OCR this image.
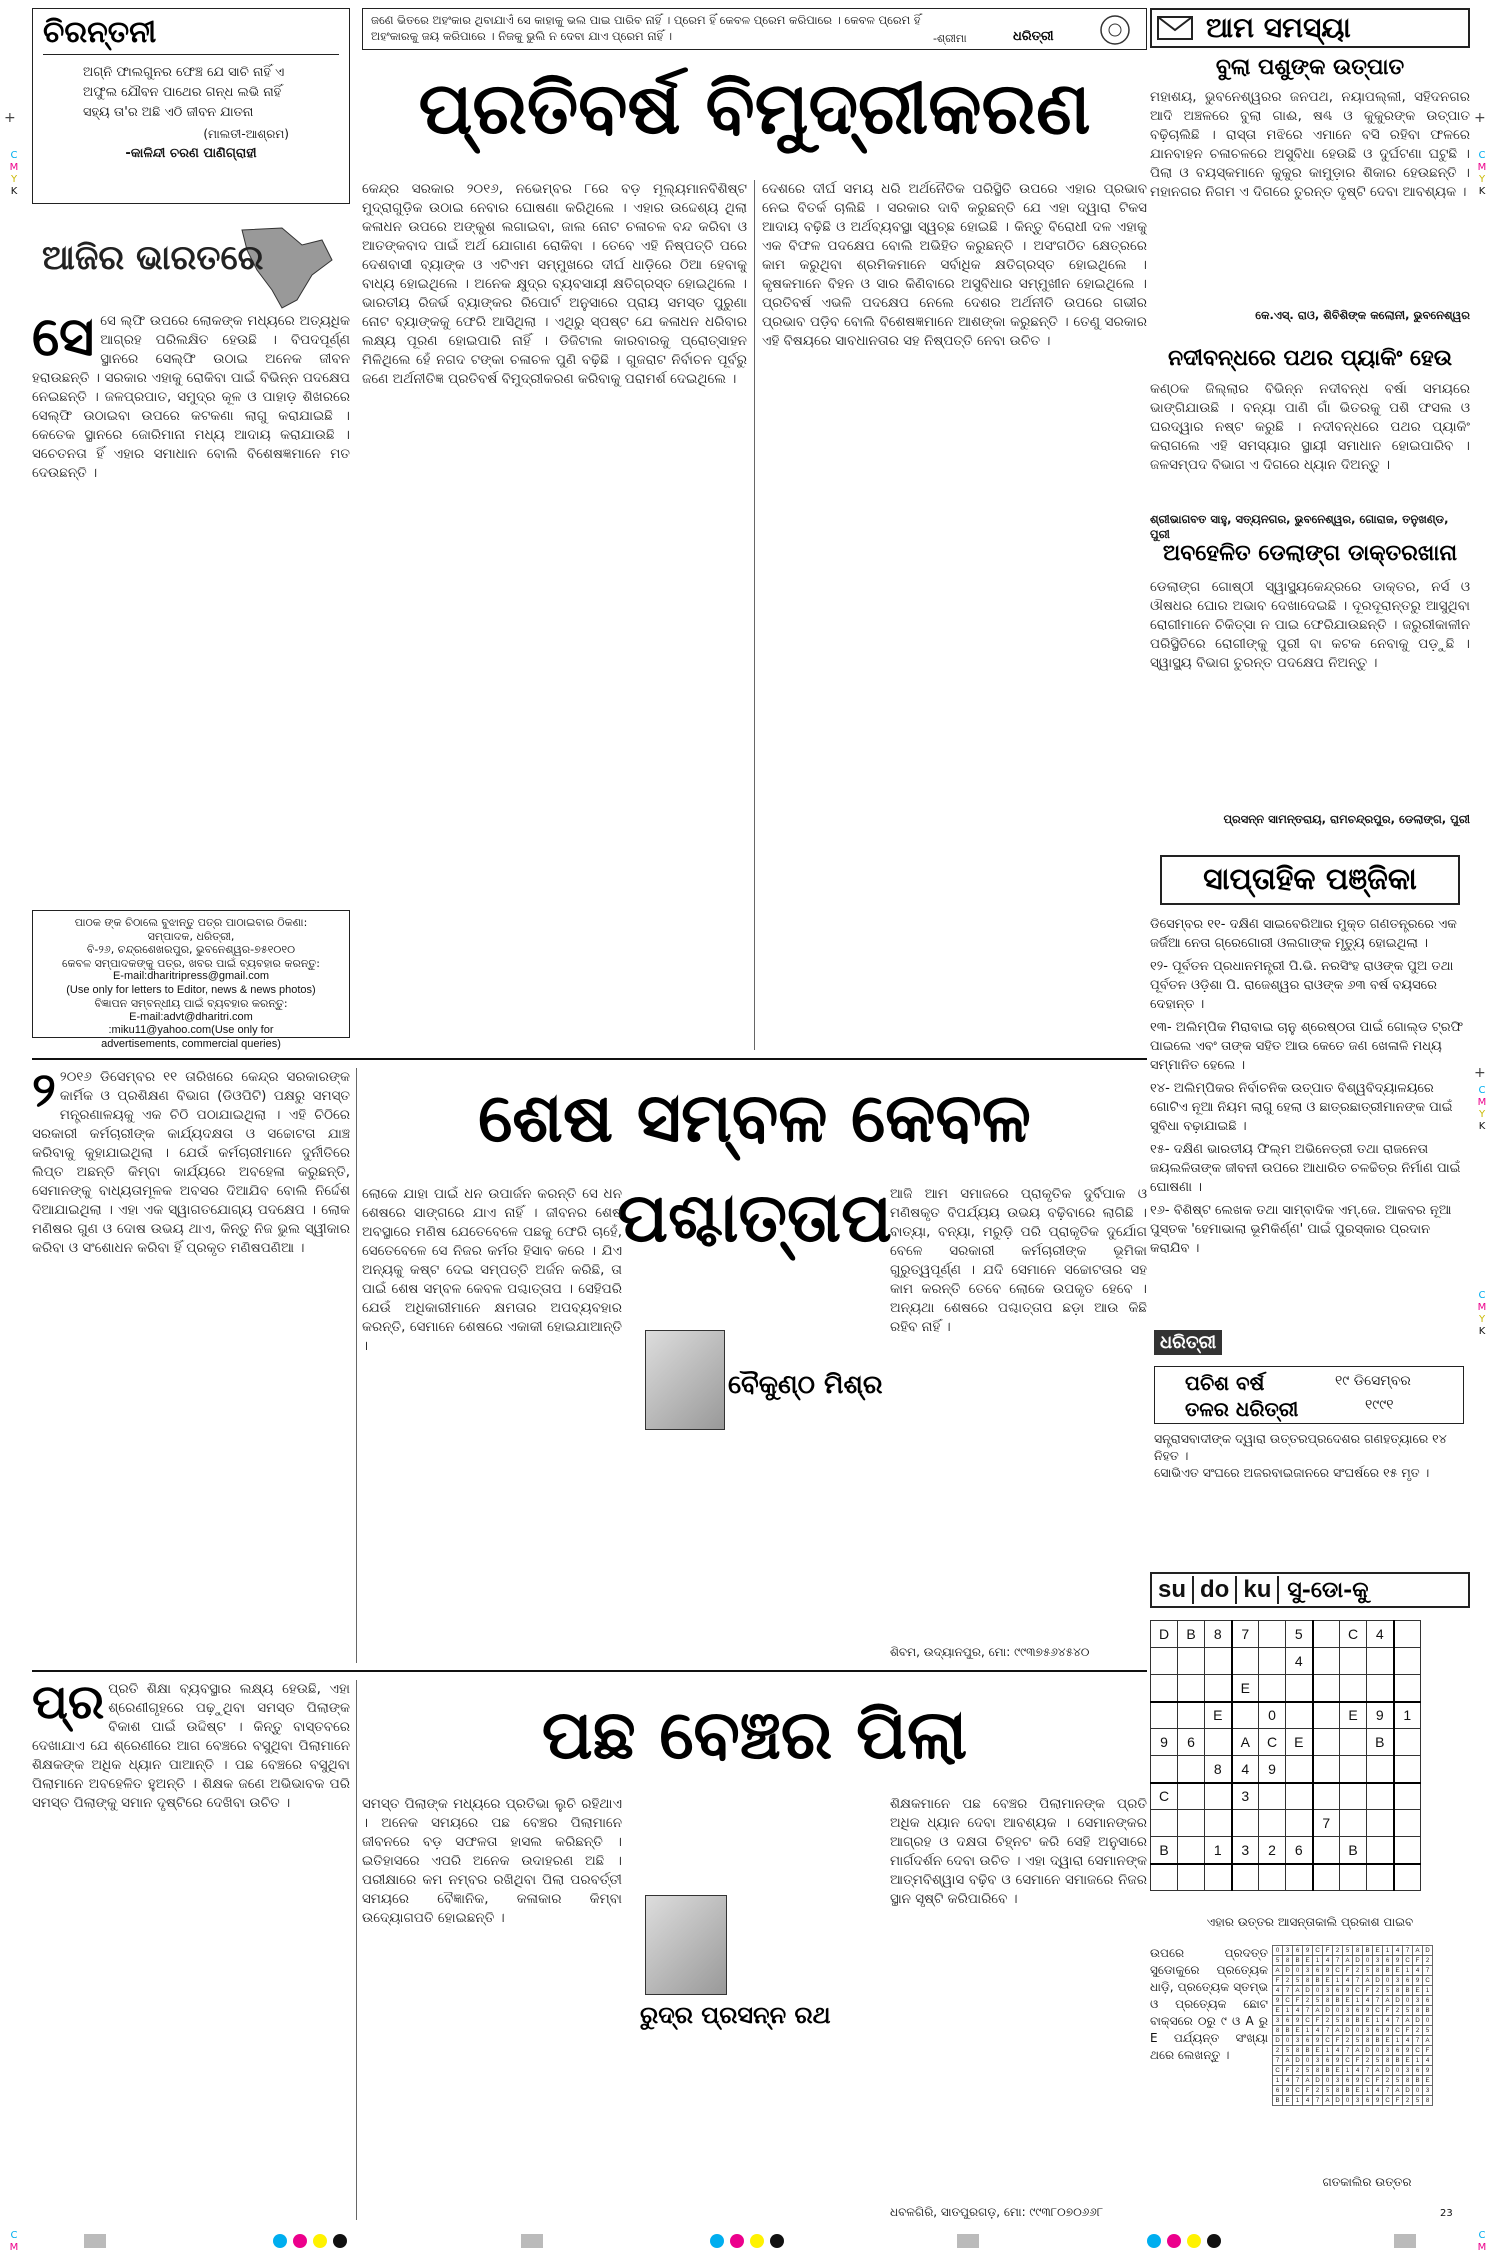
+	+
+
C
M
Y
K
C
M
Y
K
C
M
Y
K
C
M
Y
K
C
M
C
M
ଚିରନ୍ତନୀ
ଅଗ୍ନି ଫାଲଗୁନର ଫେଞ୍ଚ ଯେ ସାଚି ନାହିଁ ଏ ଅଫୁଲ ଯୌବନ ପାଥେର ଗନ୍ଧ ଲଭି ନାହିଁ ସହ୍ୟ ତା'ର ଅଛି ଏଠି ଜୀବନ ଯାତନା
(ମାଲତୀ-ଆଶ୍ରମ)
-କାଳିନ୍ଦୀ ଚରଣ ପାଣିଗ୍ରାହୀ
ଆଜିର ଭାରତରେ
ସେ ସେ ଲ୍ଫି ଉପରେ ଲୋକଙ୍କ ମଧ୍ୟରେ ଅତ୍ୟଧିକ ଆଗ୍ରହ ପରିଲକ୍ଷିତ ହେଉଛି । ବିପଦପୂର୍ଣ୍ଣ ସ୍ଥାନରେ ସେଲ୍ଫି ଉଠାଇ ଅନେକ ଜୀବନ ହରାଉଛନ୍ତି । ସରକାର ଏହାକୁ ରୋକିବା ପାଇଁ ବିଭିନ୍ନ ପଦକ୍ଷେପ ନେଇଛନ୍ତି । ଜଳପ୍ରପାତ, ସମୁଦ୍ର କୂଳ ଓ ପାହାଡ଼ ଶିଖରରେ ସେଲ୍ଫି ଉଠାଇବା ଉପରେ କଟକଣା ଲାଗୁ କରାଯାଇଛି । କେତେକ ସ୍ଥାନରେ ଜୋରିମାନା ମଧ୍ୟ ଆଦାୟ କରାଯାଉଛି । ସଚେତନତା ହିଁ ଏହାର ସମାଧାନ ବୋଲି ବିଶେଷଜ୍ଞମାନେ ମତ ଦେଉଛନ୍ତି ।
ପାଠକ ଙ୍କ ଚିଠାଲେ ବୁଝାନ୍ତୁ ପତ୍ର ପାଠାଇବାର ଠିକଣା:
ସମ୍ପାଦକ, ଧରିତ୍ରୀ,
ବି-୨୬, ଚନ୍ଦ୍ରଶେଖରପୁର, ଭୁବନେଶ୍ୱର-୭୫୧୦୧୦
କେବଳ ସମ୍ପାଦକଙ୍କୁ ପତ୍ର, ଖବର ପାଇଁ ବ୍ୟବହାର କରନ୍ତୁ:
E-mail:dharitripress@gmail.com
(Use only for letters to Editor, news & news photos)
ବିଜ୍ଞାପନ ସମ୍ବନ୍ଧୀୟ ପାଇଁ ବ୍ୟବହାର କରନ୍ତୁ:
E-mail:advt@dharitri.com
:miku11@yahoo.com(Use only for
advertisements, commercial queries)
ଜଣେ ଭିତରେ ଅହଂକାର ଥିବାଯାଏଁ ସେ କାହାକୁ ଭଲ ପାଇ ପାରିବ ନାହିଁ । ପ୍ରେମ ହିଁ କେବଳ ପ୍ରେମ କରିପାରେ । କେବଳ ପ୍ରେମ ହିଁ ଅହଂକାରକୁ ଜୟ କରିପାରେ । ନିଜକୁ ଭୁଲି ନ ଦେବା ଯାଏ ପ୍ରେମ ନାହିଁ ।	-ଶ୍ରୀମା	ଧରିତ୍ରୀ
ପ୍ରତିବର୍ଷ ବିମୁଦ୍ରୀକରଣ
କେନ୍ଦ୍ର ସରକାର ୨୦୧୬, ନଭେମ୍ବର ୮ରେ ବଡ଼ ମୂଲ୍ୟମାନବିଶିଷ୍ଟ ମୁଦ୍ରାଗୁଡ଼ିକ ଉଠାଇ ନେବାର ଘୋଷଣା କରିଥିଲେ । ଏହାର ଉଦ୍ଦେଶ୍ୟ ଥିଲା କଳାଧନ ଉପରେ ଅଙ୍କୁଶ ଲଗାଇବା, ଜାଲ ନୋଟ ଚଳାଚଳ ବନ୍ଦ କରିବା ଓ ଆତଙ୍କବାଦ ପାଇଁ ଅର୍ଥ ଯୋଗାଣ ରୋକିବା । ତେବେ ଏହି ନିଷ୍ପତ୍ତି ପରେ ଦେଶବାସୀ ବ୍ୟାଙ୍କ ଓ ଏଟିଏମ ସମ୍ମୁଖରେ ଦୀର୍ଘ ଧାଡ଼ିରେ ଠିଆ ହେବାକୁ ବାଧ୍ୟ ହୋଇଥିଲେ । ଅନେକ କ୍ଷୁଦ୍ର ବ୍ୟବସାୟୀ କ୍ଷତିଗ୍ରସ୍ତ ହୋଇଥିଲେ । ଭାରତୀୟ ରିଜର୍ଭ ବ୍ୟାଙ୍କର ରିପୋର୍ଟ ଅନୁସାରେ ପ୍ରାୟ ସମସ୍ତ ପୁରୁଣା ନୋଟ ବ୍ୟାଙ୍କକୁ ଫେରି ଆସିଥିଲା । ଏଥିରୁ ସ୍ପଷ୍ଟ ଯେ କଳାଧନ ଧରିବାର ଲକ୍ଷ୍ୟ ପୂରଣ ହୋଇପାରି ନାହିଁ । ଡିଜିଟାଲ କାରବାରକୁ ପ୍ରୋତ୍ସାହନ ମିଳିଥିଲେ ହେଁ ନଗଦ ଟଙ୍କା ଚଳାଚଳ ପୁଣି ବଢ଼ିଛି । ଗୁଜରାଟ ନିର୍ବାଚନ ପୂର୍ବରୁ ଜଣେ ଅର୍ଥନୀତିଜ୍ଞ ପ୍ରତିବର୍ଷ ବିମୁଦ୍ରୀକରଣ କରିବାକୁ ପରାମର୍ଶ ଦେଇଥିଲେ ।
ଦେଶରେ ଦୀର୍ଘ ସମୟ ଧରି ଅର୍ଥନୈତିକ ପରିସ୍ଥିତି ଉପରେ ଏହାର ପ୍ରଭାବ ନେଇ ବିତର୍କ ଚାଲିଛି । ସରକାର ଦାବି କରୁଛନ୍ତି ଯେ ଏହା ଦ୍ୱାରା ଟିକସ ଆଦାୟ ବଢ଼ିଛି ଓ ଅର୍ଥବ୍ୟବସ୍ଥା ସ୍ୱଚ୍ଛ ହୋଇଛି । କିନ୍ତୁ ବିରୋଧୀ ଦଳ ଏହାକୁ ଏକ ବିଫଳ ପଦକ୍ଷେପ ବୋଲି ଅଭିହିତ କରୁଛନ୍ତି । ଅସଂଗଠିତ କ୍ଷେତ୍ରରେ କାମ କରୁଥିବା ଶ୍ରମିକମାନେ ସର୍ବାଧିକ କ୍ଷତିଗ୍ରସ୍ତ ହୋଇଥିଲେ । କୃଷକମାନେ ବିହନ ଓ ସାର କିଣିବାରେ ଅସୁବିଧାର ସମ୍ମୁଖୀନ ହୋଇଥିଲେ । ପ୍ରତିବର୍ଷ ଏଭଳି ପଦକ୍ଷେପ ନେଲେ ଦେଶର ଅର୍ଥନୀତି ଉପରେ ଗଭୀର ପ୍ରଭାବ ପଡ଼ିବ ବୋଲି ବିଶେଷଜ୍ଞମାନେ ଆଶଙ୍କା କରୁଛନ୍ତି । ତେଣୁ ସରକାର ଏହି ବିଷୟରେ ସାବଧାନତାର ସହ ନିଷ୍ପତ୍ତି ନେବା ଉଚିତ ।
୨ ୨୦୧୬ ଡିସେମ୍ବର ୧୧ ତାରିଖରେ କେନ୍ଦ୍ର ସରକାରଙ୍କ କାର୍ମିକ ଓ ପ୍ରଶିକ୍ଷଣ ବିଭାଗ (ଡିଓପିଟି) ପକ୍ଷରୁ ସମସ୍ତ ମନ୍ତ୍ରଣାଳୟକୁ ଏକ ଚିଠି ପଠାଯାଇଥିଲା । ଏହି ଚିଠିରେ ସରକାରୀ କର୍ମଚାରୀଙ୍କ କାର୍ଯ୍ୟଦକ୍ଷତା ଓ ସଚ୍ଚୋଟତା ଯାଞ୍ଚ କରିବାକୁ କୁହାଯାଇଥିଲା । ଯେଉଁ କର୍ମଚାରୀମାନେ ଦୁର୍ନୀତିରେ ଲିପ୍ତ ଅଛନ୍ତି କିମ୍ବା କାର୍ଯ୍ୟରେ ଅବହେଳା କରୁଛନ୍ତି, ସେମାନଙ୍କୁ ବାଧ୍ୟତାମୂଳକ ଅବସର ଦିଆଯିବ ବୋଲି ନିର୍ଦ୍ଦେଶ ଦିଆଯାଇଥିଲା । ଏହା ଏକ ସ୍ୱାଗତଯୋଗ୍ୟ ପଦକ୍ଷେପ । ଲୋକ ମଣିଷର ଗୁଣ ଓ ଦୋଷ ଉଭୟ ଥାଏ, କିନ୍ତୁ ନିଜ ଭୁଲ ସ୍ୱୀକାର କରିବା ଓ ସଂଶୋଧନ କରିବା ହିଁ ପ୍ରକୃତ ମଣିଷପଣିଆ ।
ଶେଷ ସମ୍ବଳ କେବଳ ପଶ୍ଚାତ୍ତାପ
ଲୋକେ ଯାହା ପାଇଁ ଧନ ଉପାର୍ଜନ କରନ୍ତି ସେ ଧନ ଶେଷରେ ସାଙ୍ଗରେ ଯାଏ ନାହିଁ । ଜୀବନର ଶେଷ ଅବସ୍ଥାରେ ମଣିଷ ଯେତେବେଳେ ପଛକୁ ଫେରି ଚାହେଁ, ସେତେବେଳେ ସେ ନିଜର କର୍ମର ହିସାବ କରେ । ଯିଏ ଅନ୍ୟକୁ କଷ୍ଟ ଦେଇ ସମ୍ପତ୍ତି ଅର୍ଜନ କରିଛି, ତା ପାଇଁ ଶେଷ ସମ୍ବଳ କେବଳ ପଶ୍ଚାତ୍ତାପ । ସେହିପରି ଯେଉଁ ଅଧିକାରୀମାନେ କ୍ଷମତାର ଅପବ୍ୟବହାର କରନ୍ତି, ସେମାନେ ଶେଷରେ ଏକାକୀ ହୋଇଯାଆନ୍ତି ।
ବୈକୁଣ୍ଠ ମିଶ୍ର
ଆଜି ଆମ ସମାଜରେ ପ୍ରାକୃତିକ ଦୁର୍ବିପାକ ଓ ମଣିଷକୃତ ବିପର୍ଯ୍ୟୟ ଉଭୟ ବଢ଼ିବାରେ ଲାଗିଛି । ବାତ୍ୟା, ବନ୍ୟା, ମରୁଡ଼ି ପରି ପ୍ରାକୃତିକ ଦୁର୍ଯୋଗ ବେଳେ ସରକାରୀ କର୍ମଚାରୀଙ୍କ ଭୂମିକା ଗୁରୁତ୍ୱପୂର୍ଣ୍ଣ । ଯଦି ସେମାନେ ସଚ୍ଚୋଟତାର ସହ କାମ କରନ୍ତି ତେବେ ଲୋକେ ଉପକୃତ ହେବେ । ଅନ୍ୟଥା ଶେଷରେ ପଶ୍ଚାତ୍ତାପ ଛଡ଼ା ଆଉ କିଛି ରହିବ ନାହିଁ ।
ଶିବମ, ଉଦ୍ୟାନପୁର, ମୋ: ୯୯୩୭୫୬୪୫୪୦
ପ୍ର ପ୍ରତି ଶିକ୍ଷା ବ୍ୟବସ୍ଥାର ଲକ୍ଷ୍ୟ ହେଉଛି, ଏହା ଶ୍ରେଣୀଗୃହରେ ପଢ଼ୁଥିବା ସମସ୍ତ ପିଲାଙ୍କ ବିକାଶ ପାଇଁ ଉଦ୍ଦିଷ୍ଟ । କିନ୍ତୁ ବାସ୍ତବରେ ଦେଖାଯାଏ ଯେ ଶ୍ରେଣୀରେ ଆଗ ବେଞ୍ଚରେ ବସୁଥିବା ପିଲାମାନେ ଶିକ୍ଷକଙ୍କ ଅଧିକ ଧ୍ୟାନ ପାଆନ୍ତି । ପଛ ବେଞ୍ଚରେ ବସୁଥିବା ପିଲାମାନେ ଅବହେଳିତ ହୁଅନ୍ତି । ଶିକ୍ଷକ ଜଣେ ଅଭିଭାବକ ପରି ସମସ୍ତ ପିଲାଙ୍କୁ ସମାନ ଦୃଷ୍ଟିରେ ଦେଖିବା ଉଚିତ ।
ପଛ ବେଞ୍ଚର ପିଲା
ସମସ୍ତ ପିଲାଙ୍କ ମଧ୍ୟରେ ପ୍ରତିଭା ଲୁଚି ରହିଥାଏ । ଅନେକ ସମୟରେ ପଛ ବେଞ୍ଚର ପିଲାମାନେ ଜୀବନରେ ବଡ଼ ସଫଳତା ହାସଲ କରିଛନ୍ତି । ଇତିହାସରେ ଏପରି ଅନେକ ଉଦାହରଣ ଅଛି । ପରୀକ୍ଷାରେ କମ ନମ୍ବର ରଖିଥିବା ପିଲା ପରବର୍ତ୍ତୀ ସମୟରେ ବୈଜ୍ଞାନିକ, କଳାକାର କିମ୍ବା ଉଦ୍ୟୋଗପତି ହୋଇଛନ୍ତି ।
ରୁଦ୍ର ପ୍ରସନ୍ନ ରଥ
ଶିକ୍ଷକମାନେ ପଛ ବେଞ୍ଚର ପିଲାମାନଙ୍କ ପ୍ରତି ଅଧିକ ଧ୍ୟାନ ଦେବା ଆବଶ୍ୟକ । ସେମାନଙ୍କର ଆଗ୍ରହ ଓ ଦକ୍ଷତା ଚିହ୍ନଟ କରି ସେହି ଅନୁସାରେ ମାର୍ଗଦର୍ଶନ ଦେବା ଉଚିତ । ଏହା ଦ୍ୱାରା ସେମାନଙ୍କ ଆତ୍ମବିଶ୍ୱାସ ବଢ଼ିବ ଓ ସେମାନେ ସମାଜରେ ନିଜର ସ୍ଥାନ ସୃଷ୍ଟି କରିପାରିବେ ।
ଧବଳଗିରି, ସାତପୁରଗଡ଼, ମୋ: ୯୯୩୮୦୭୦୬୬୮
ଆମ ସମସ୍ୟା
ବୁଲା ପଶୁଙ୍କ ଉତ୍ପାତ
ମହାଶୟ, ଭୁବନେଶ୍ୱରର ଜନପଥ, ନୟାପଲ୍ଲୀ, ସହିଦନଗର ଆଦି ଅଞ୍ଚଳରେ ବୁଲା ଗାଈ, ଷଣ୍ଢ ଓ କୁକୁରଙ୍କ ଉତ୍ପାତ ବଢ଼ିଚାଲିଛି । ରାସ୍ତା ମଝିରେ ଏମାନେ ବସି ରହିବା ଫଳରେ ଯାନବାହନ ଚଳାଚଳରେ ଅସୁବିଧା ହେଉଛି ଓ ଦୁର୍ଘଟଣା ଘଟୁଛି । ପିଲା ଓ ବୟସ୍କମାନେ କୁକୁର କାମୁଡ଼ାର ଶିକାର ହେଉଛନ୍ତି । ମହାନଗର ନିଗମ ଏ ଦିଗରେ ତୁରନ୍ତ ଦୃଷ୍ଟି ଦେବା ଆବଶ୍ୟକ ।
କେ.ଏସ୍. ରାଓ, ଶିବିଶିଙ୍କ କଲୋନୀ, ଭୁବନେଶ୍ୱର
ନଦୀବନ୍ଧରେ ପଥର ପ୍ୟାକିଂ ହେଉ
କଣ୍ଠକ ଜିଲ୍ଲାର ବିଭିନ୍ନ ନଦୀବନ୍ଧ ବର୍ଷା ସମୟରେ ଭାଙ୍ଗିଯାଉଛି । ବନ୍ୟା ପାଣି ଗାଁ ଭିତରକୁ ପଶି ଫସଲ ଓ ଘରଦ୍ୱାର ନଷ୍ଟ କରୁଛି । ନଦୀବନ୍ଧରେ ପଥର ପ୍ୟାକିଂ କରାଗଲେ ଏହି ସମସ୍ୟାର ସ୍ଥାୟୀ ସମାଧାନ ହୋଇପାରିବ । ଜଳସମ୍ପଦ ବିଭାଗ ଏ ଦିଗରେ ଧ୍ୟାନ ଦିଅନ୍ତୁ ।
ଶ୍ରୀଭାଗବତ ସାହୁ, ସତ୍ୟନଗର, ଭୁବନେଶ୍ୱର, ଗୋରାଜ, ତନୁଖଣ୍ଡ, ପୁରୀ
ଅବହେଳିତ ଡେଲାଙ୍ଗ ଡାକ୍ତରଖାନା
ଡେଲାଙ୍ଗ ଗୋଷ୍ଠୀ ସ୍ୱାସ୍ଥ୍ୟକେନ୍ଦ୍ରରେ ଡାକ୍ତର, ନର୍ସ ଓ ଔଷଧର ଘୋର ଅଭାବ ଦେଖାଦେଇଛି । ଦୂରଦୂରାନ୍ତରୁ ଆସୁଥିବା ରୋଗୀମାନେ ଚିକିତ୍ସା ନ ପାଇ ଫେରିଯାଉଛନ୍ତି । ଜରୁରୀକାଳୀନ ପରିସ୍ଥିତିରେ ରୋଗୀଙ୍କୁ ପୁରୀ ବା କଟକ ନେବାକୁ ପଡ଼ୁଛି । ସ୍ୱାସ୍ଥ୍ୟ ବିଭାଗ ତୁରନ୍ତ ପଦକ୍ଷେପ ନିଅନ୍ତୁ ।
ପ୍ରସନ୍ନ ସାମନ୍ତରାୟ, ରାମଚନ୍ଦ୍ରପୁର, ଡେଲାଙ୍ଗ, ପୁରୀ
ସାପ୍ତାହିକ ପଞ୍ଜିକା
ଡିସେମ୍ବର ୧୧- ଦକ୍ଷିଣ ସାଇବେରିଆର ମୁକ୍ତ ଗଣତନ୍ତ୍ରରେ ଏକ ଜର୍ଜିଆ ନେତା ଗ୍ରେଗୋରୀ ଓଲଗାଙ୍କ ମୃତ୍ୟୁ ହୋଇଥିଲା ।
୧୨- ପୂର୍ବତନ ପ୍ରଧାନମନ୍ତ୍ରୀ ପି.ଭି. ନରସିଂହ ରାଓଙ୍କ ପୁଅ ତଥା ପୂର୍ବତନ ଓଡ଼ିଶା ପି. ରାଜେଶ୍ୱର ରାଓଙ୍କ ୬୩ ବର୍ଷ ବୟସରେ ଦେହାନ୍ତ ।
୧୩- ଅଲିମ୍ପିକ ମିରାବାଇ ଚାନୁ ଶ୍ରେଷ୍ଠତା ପାଇଁ ଗୋଲ୍ଡ ଟ୍ରଫି ପାଇଲେ ଏବଂ ତାଙ୍କ ସହିତ ଆଉ କେତେ ଜଣ ଖେଳାଳି ମଧ୍ୟ ସମ୍ମାନିତ ହେଲେ ।
୧୪- ଅଲିମ୍ପିକର ନିର୍ବାଚନିକ ଉତ୍ପାତ ବିଶ୍ୱବିଦ୍ୟାଳୟରେ ଗୋଟିଏ ନୂଆ ନିୟମ ଲାଗୁ ହେଲା ଓ ଛାତ୍ରଛାତ୍ରୀମାନଙ୍କ ପାଇଁ ସୁବିଧା ବଢ଼ାଯାଇଛି ।
୧୫- ଦକ୍ଷିଣ ଭାରତୀୟ ଫିଲ୍ମ ଅଭିନେତ୍ରୀ ତଥା ରାଜନେତା ଜୟଲଳିତାଙ୍କ ଜୀବନୀ ଉପରେ ଆଧାରିତ ଚଳଚ୍ଚିତ୍ର ନିର୍ମାଣ ପାଇଁ ଘୋଷଣା ।
୧୬- ବିଶିଷ୍ଟ ଲେଖକ ତଥା ସାମ୍ବାଦିକ ଏମ୍.ଜେ. ଆକବର ନୂଆ ପୁସ୍ତକ 'ହେମାଭାଲା ଭୂମିକିର୍ଣ୍ଣ' ପାଇଁ ପୁରସ୍କାର ପ୍ରଦାନ କରାଯିବ ।
ଧରିତ୍ରୀ
ପଚିଶ ବର୍ଷ
ତଳର ଧରିତ୍ରୀ
୧୯ ଡିସେମ୍ବର
୧୯୯୧
ସନ୍ତ୍ରାସବାଦୀଙ୍କ ଦ୍ୱାରା ଉତ୍ତରପ୍ରଦେଶର ଗଣହତ୍ୟାରେ ୧୪ ନିହତ ।
ସୋଭିଏତ ସଂଘରେ ଅଜରବାଇଜାନରେ ସଂଘର୍ଷରେ ୧୫ ମୃତ ।
su do ku ସୁ-ଡୋ-କୁ
D	B	8	7		5		C	4	
					4				
			E						
		E		0			E	9	1
9	6		A	C	E			B	
		8	4	9					
C			3						
						7			
B		1	3	2	6		B		

ଏହାର ଉତ୍ତର ଆସନ୍ତାକାଲି ପ୍ରକାଶ ପାଇବ
ଉପରେ ପ୍ରଦତ୍ତ ସୁଡୋକୁରେ ପ୍ରତ୍ୟେକ ଧାଡ଼ି, ପ୍ରତ୍ୟେକ ସ୍ତମ୍ଭ ଓ ପ୍ରତ୍ୟେକ ଛୋଟ ବାକ୍ସରେ ୦ରୁ ୯ ଓ A ରୁ E ପର୍ଯ୍ୟନ୍ତ ସଂଖ୍ୟା ଥରେ ଲେଖନ୍ତୁ ।
0	3	6	9	C	F	2	5	8	B	E	1	4	7	A	D
5	8	B	E	1	4	7	A	D	0	3	6	9	C	F	2
A	D	0	3	6	9	C	F	2	5	8	B	E	1	4	7
F	2	5	8	B	E	1	4	7	A	D	0	3	6	9	C
4	7	A	D	0	3	6	9	C	F	2	5	8	B	E	1
9	C	F	2	5	8	B	E	1	4	7	A	D	0	3	6
E	1	4	7	A	D	0	3	6	9	C	F	2	5	8	B
3	6	9	C	F	2	5	8	B	E	1	4	7	A	D	0
8	B	E	1	4	7	A	D	0	3	6	9	C	F	2	5
D	0	3	6	9	C	F	2	5	8	B	E	1	4	7	A
2	5	8	B	E	1	4	7	A	D	0	3	6	9	C	F
7	A	D	0	3	6	9	C	F	2	5	8	B	E	1	4
C	F	2	5	8	B	E	1	4	7	A	D	0	3	6	9
1	4	7	A	D	0	3	6	9	C	F	2	5	8	B	E
6	9	C	F	2	5	8	B	E	1	4	7	A	D	0	3
B	E	1	4	7	A	D	0	3	6	9	C	F	2	5	8
ଗତକାଲିର ଉତ୍ତର
23
